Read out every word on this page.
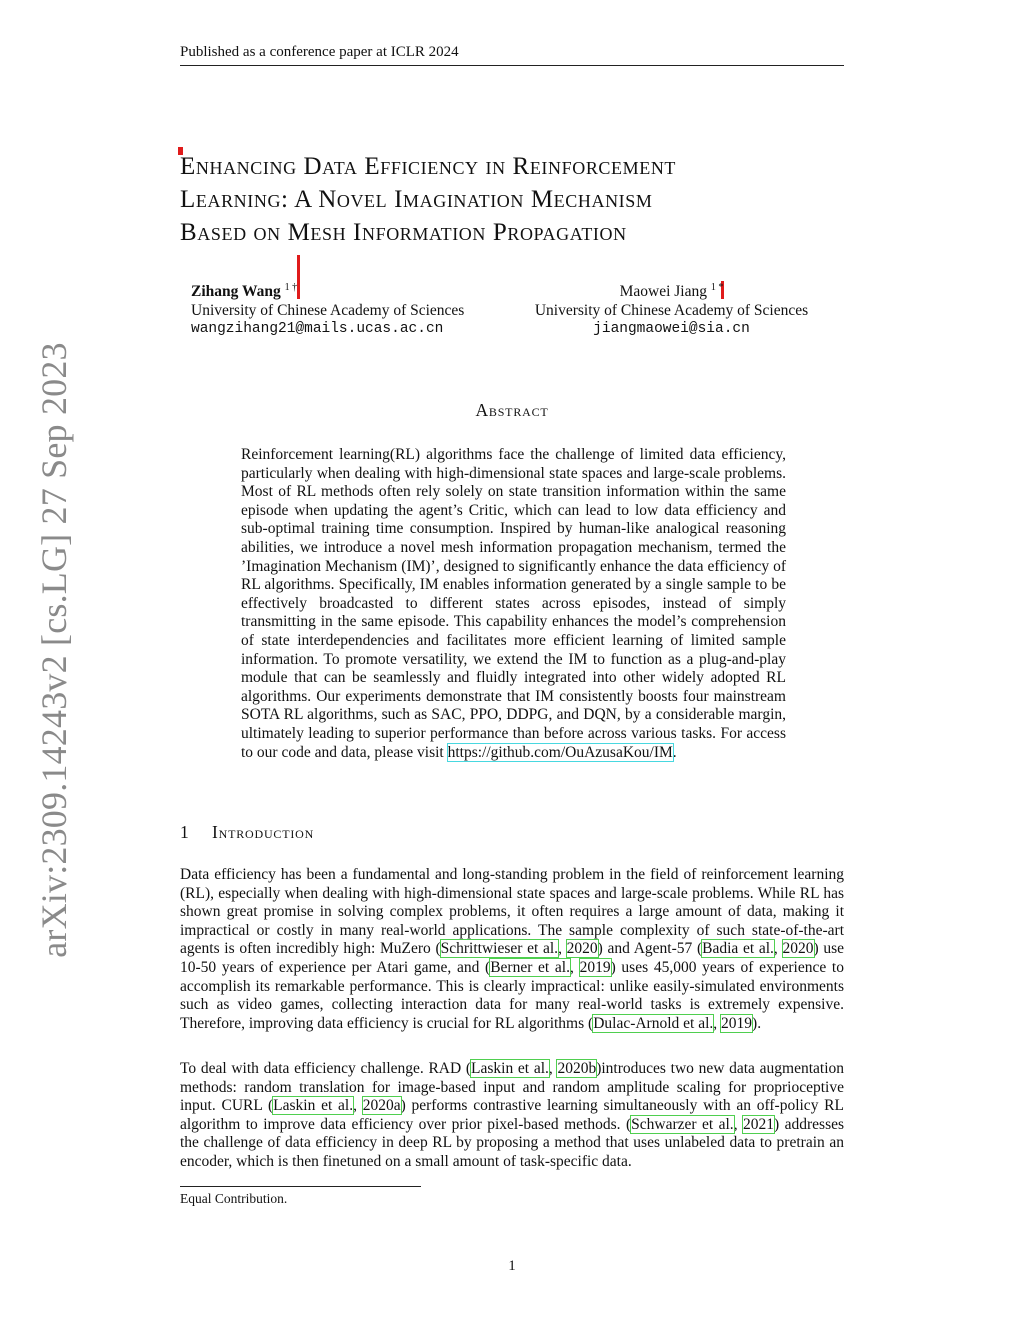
Published as a conference paper at ICLR 2024
arXiv:2309.14243v2 [cs.LG] 27 Sep 2023
Enhancing Data Efficiency in Reinforcement
Learning: A Novel Imagination Mechanism
Based on Mesh Information Propagation
Zihang Wang $^{1 \dagger}$
University of Chinese Academy of Sciences
wangzihang21@mails.ucas.ac.cn
Maowei Jiang $^{1 *}$
University of Chinese Academy of Sciences
jiangmaowei@sia.cn
Abstract
Reinforcement learning(RL) algorithms face the challenge of limited data efficiency, particularly when dealing with high-dimensional state spaces and large-scale problems. Most of RL methods often rely solely on state transition information within the same episode when updating the agent’s Critic, which can lead to low data efficiency and sub-optimal training time consumption. Inspired by human-like analogical reasoning abilities, we introduce a novel mesh information propagation mechanism, termed the ’Imagination Mechanism (IM)’, designed to significantly enhance the data efficiency of RL algorithms. Specifically, IM enables information generated by a single sample to be effectively broadcasted to different states across episodes, instead of simply transmitting in the same episode. This capability enhances the model’s comprehension of state interdependencies and facilitates more efficient learning of limited sample information. To promote versatility, we extend the IM to function as a plug-and-play module that can be seamlessly and fluidly integrated into other widely adopted RL algorithms. Our experiments demonstrate that IM consistently boosts four mainstream SOTA RL algorithms, such as SAC, PPO, DDPG, and DQN, by a considerable margin, ultimately leading to superior performance than before across various tasks. For access to our code and data, please visit https://github.com/OuAzusaKou/IM.
1 Introduction
Data efficiency has been a fundamental and long-standing problem in the field of reinforcement learning (RL), especially when dealing with high-dimensional state spaces and large-scale problems. While RL has shown great promise in solving complex problems, it often requires a large amount of data, making it impractical or costly in many real-world applications. The sample complexity of such state-of-the-art agents is often incredibly high: MuZero (Schrittwieser et al., 2020) and Agent-57 (Badia et al., 2020) use 10-50 years of experience per Atari game, and (Berner et al., 2019) uses 45,000 years of experience to accomplish its remarkable performance. This is clearly impractical: unlike easily-simulated environments such as video games, collecting interaction data for many real-world tasks is extremely expensive. Therefore, improving data efficiency is crucial for RL algorithms (Dulac-Arnold et al., 2019).
To deal with data efficiency challenge. RAD (Laskin et al., 2020b)introduces two new data augmentation methods: random translation for image-based input and random amplitude scaling for proprioceptive input. CURL (Laskin et al., 2020a) performs contrastive learning simultaneously with an off-policy RL algorithm to improve data efficiency over prior pixel-based methods. (Schwarzer et al., 2021) addresses the challenge of data efficiency in deep RL by proposing a method that uses unlabeled data to pretrain an encoder, which is then finetuned on a small amount of task-specific data.
Equal Contribution.
1
